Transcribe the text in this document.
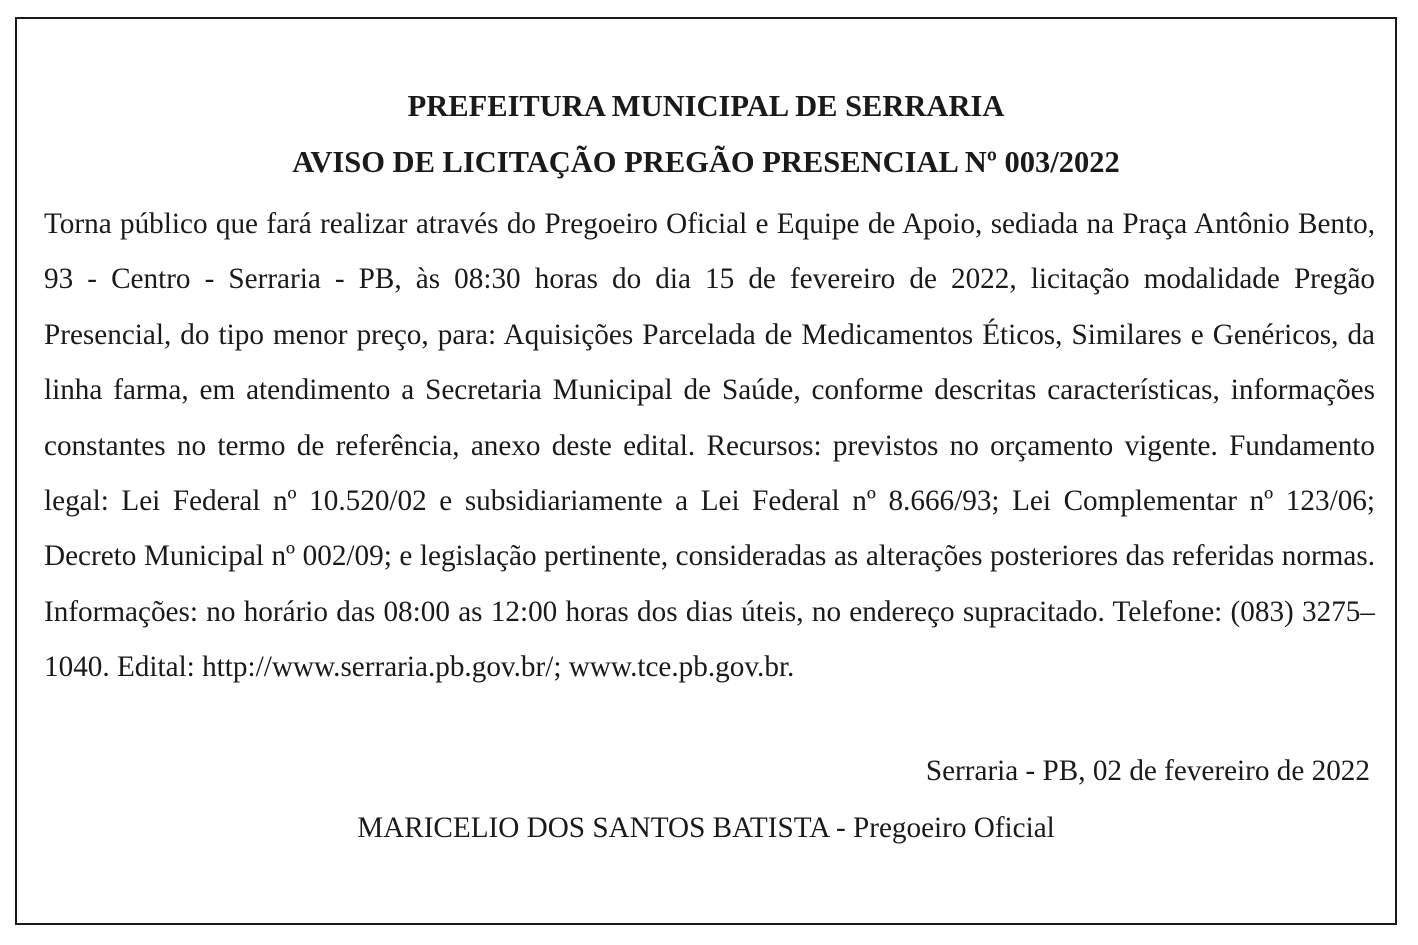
PREFEITURA MUNICIPAL DE SERRARIA
AVISO DE LICITAÇÃO PREGÃO PRESENCIAL Nº 003/2022

Torna público que fará realizar através do Pregoeiro Oficial e Equipe de Apoio, sediada na Praça Antônio Bento, 93 - Centro - Serraria - PB, às 08:30 horas do dia 15 de fevereiro de 2022, licitação modalidade Pregão Presencial, do tipo menor preço, para: Aquisições Parcelada de Medicamentos Éticos, Similares e Genéricos, da linha farma, em atendimento a Secretaria Municipal de Saúde, conforme descritas características, informações constantes no termo de referência, anexo deste edital. Recursos: previstos no orçamento vigente. Fundamento legal: Lei Federal nº 10.520/02 e subsidiariamente a Lei Federal nº 8.666/93; Lei Complementar nº 123/06; Decreto Municipal nº 002/09; e legislação pertinente, consideradas as alterações posteriores das referidas normas. Informações: no horário das 08:00 as 12:00 horas dos dias úteis, no endereço supracitado. Telefone: (083) 3275–1040. Edital: http://www.serraria.pb.gov.br/; www.tce.pb.gov.br.

Serraria - PB, 02 de fevereiro de 2022
MARICELIO DOS SANTOS BATISTA - Pregoeiro Oficial
